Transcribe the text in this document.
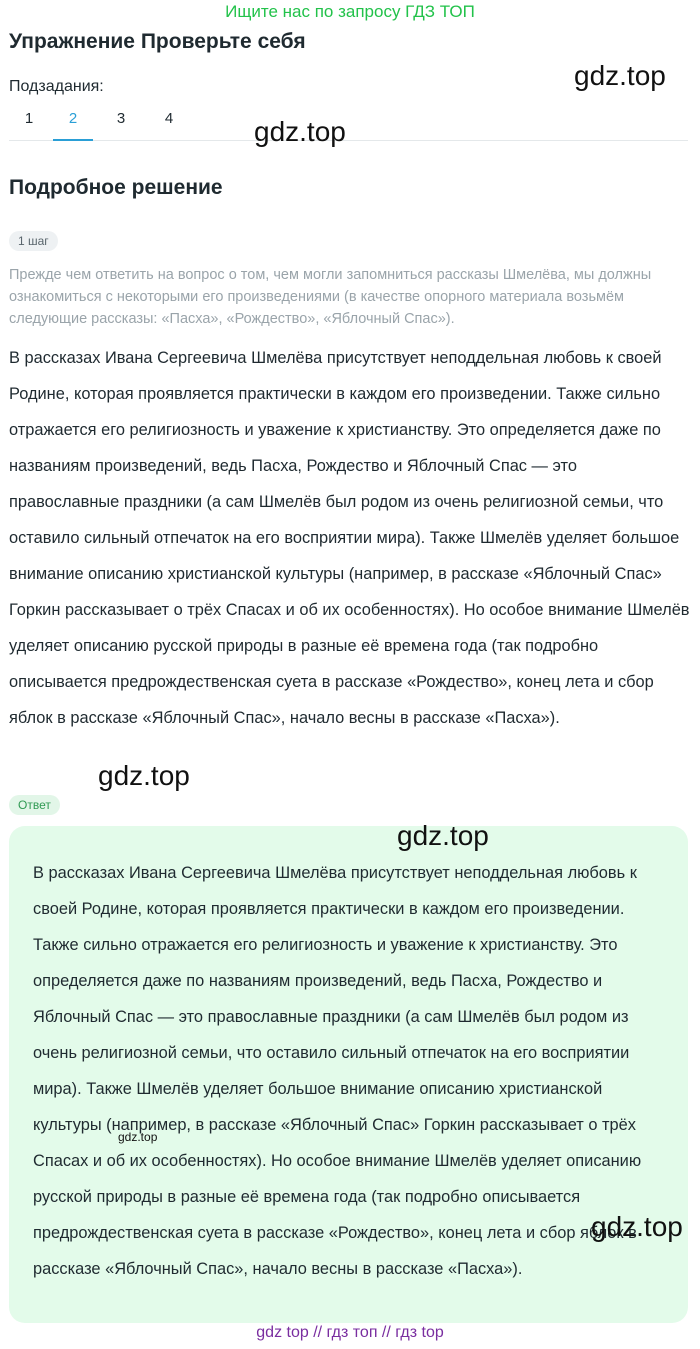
Ищите нас по запросу ГДЗ ТОП
Упражнение Проверьте себя
Подзадания:
1	2	3	4
Подробное решение
1 шаг
Прежде чем ответить на вопрос о том, чем могли запомниться рассказы Шмелёва, мы должны ознакомиться с некоторыми его произведениями (в качестве опорного материала возьмём следующие рассказы: «Пасха», «Рождество», «Яблочный Спас»).
В рассказах Ивана Сергеевича Шмелёва присутствует неподдельная любовь к своей Родине, которая проявляется практически в каждом его произведении. Также сильно отражается его религиозность и уважение к христианству. Это определяется даже по названиям произведений, ведь Пасха, Рождество и Яблочный Спас — это православные праздники (а сам Шмелёв был родом из очень религиозной семьи, что оставило сильный отпечаток на его восприятии мира). Также Шмелёв уделяет большое внимание описанию христианской культуры (например, в рассказе «Яблочный Спас» Горкин рассказывает о трёх Спасах и об их особенностях). Но особое внимание Шмелёв уделяет описанию русской природы в разные её времена года (так подробно описывается предрождественская суета в рассказе «Рождество», конец лета и сбор яблок в рассказе «Яблочный Спас», начало весны в рассказе «Пасха»).
Ответ
В рассказах Ивана Сергеевича Шмелёва присутствует неподдельная любовь к своей Родине, которая проявляется практически в каждом его произведении. Также сильно отражается его религиозность и уважение к христианству. Это определяется даже по названиям произведений, ведь Пасха, Рождество и Яблочный Спас — это православные праздники (а сам Шмелёв был родом из очень религиозной семьи, что оставило сильный отпечаток на его восприятии мира). Также Шмелёв уделяет большое внимание описанию христианской культуры (например, в рассказе «Яблочный Спас» Горкин рассказывает о трёх Спасах и об их особенностях). Но особое внимание Шмелёв уделяет описанию русской природы в разные её времена года (так подробно описывается предрождественская суета в рассказе «Рождество», конец лета и сбор яблок в рассказе «Яблочный Спас», начало весны в рассказе «Пасха»).
gdz.top
gdz.top
gdz.top
gdz.top
gdz.top
gdz.top
gdz top // гдз топ // гдз top
